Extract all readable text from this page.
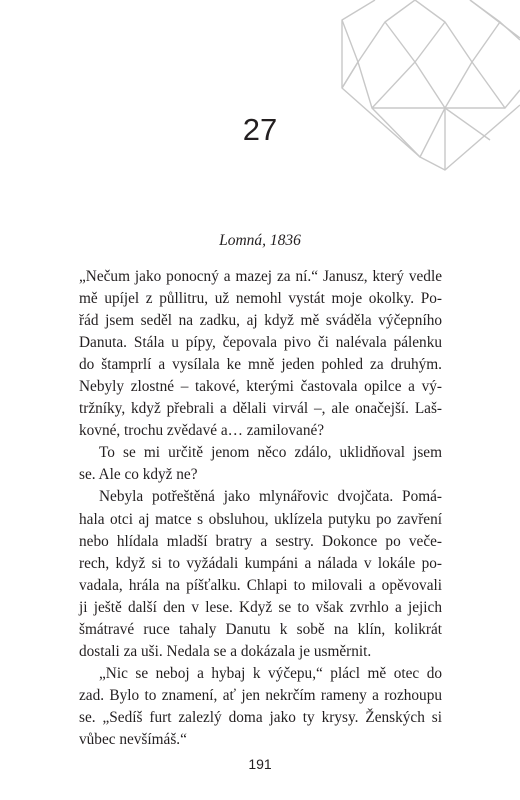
27
Lomná, 1836

„Nečum jako ponocný a mazej za ní.“ Janusz, který vedle
mě upíjel z půllitru, už nemohl vystát moje okolky. Po-
řád jsem seděl na zadku, aj když mě sváděla výčepního
Danuta. Stála u pípy, čepovala pivo či nalévala pálenku
do štamprlí a vysílala ke mně jeden pohled za druhým.
Nebyly zlostné – takové, kterými častovala opilce a vý-
tržníky, když přebrali a dělali virvál –, ale onačejší. Laš-
kovné, trochu zvědavé a… zamilované?

To se mi určitě jenom něco zdálo, uklidňoval jsem
se. Ale co když ne?

Nebyla potřeštěná jako mlynářovic dvojčata. Pomá-
hala otci aj matce s obsluhou, uklízela putyku po zavření
nebo hlídala mladší bratry a sestry. Dokonce po veče-
rech, když si to vyžádali kumpáni a nálada v lokále po-
vadala, hrála na píšťalku. Chlapi to milovali a opěvovali
ji ještě další den v lese. Když se to však zvrhlo a jejich
šmátravé ruce tahaly Danutu k sobě na klín, kolikrát
dostali za uši. Nedala se a dokázala je usměrnit.

„Nic se neboj a hybaj k výčepu,“ plácl mě otec do
zad. Bylo to znamení, ať jen nekrčím rameny a rozhoupu
se. „Sedíš furt zalezlý doma jako ty krysy. Ženských si
vůbec nevšímáš.“

191
